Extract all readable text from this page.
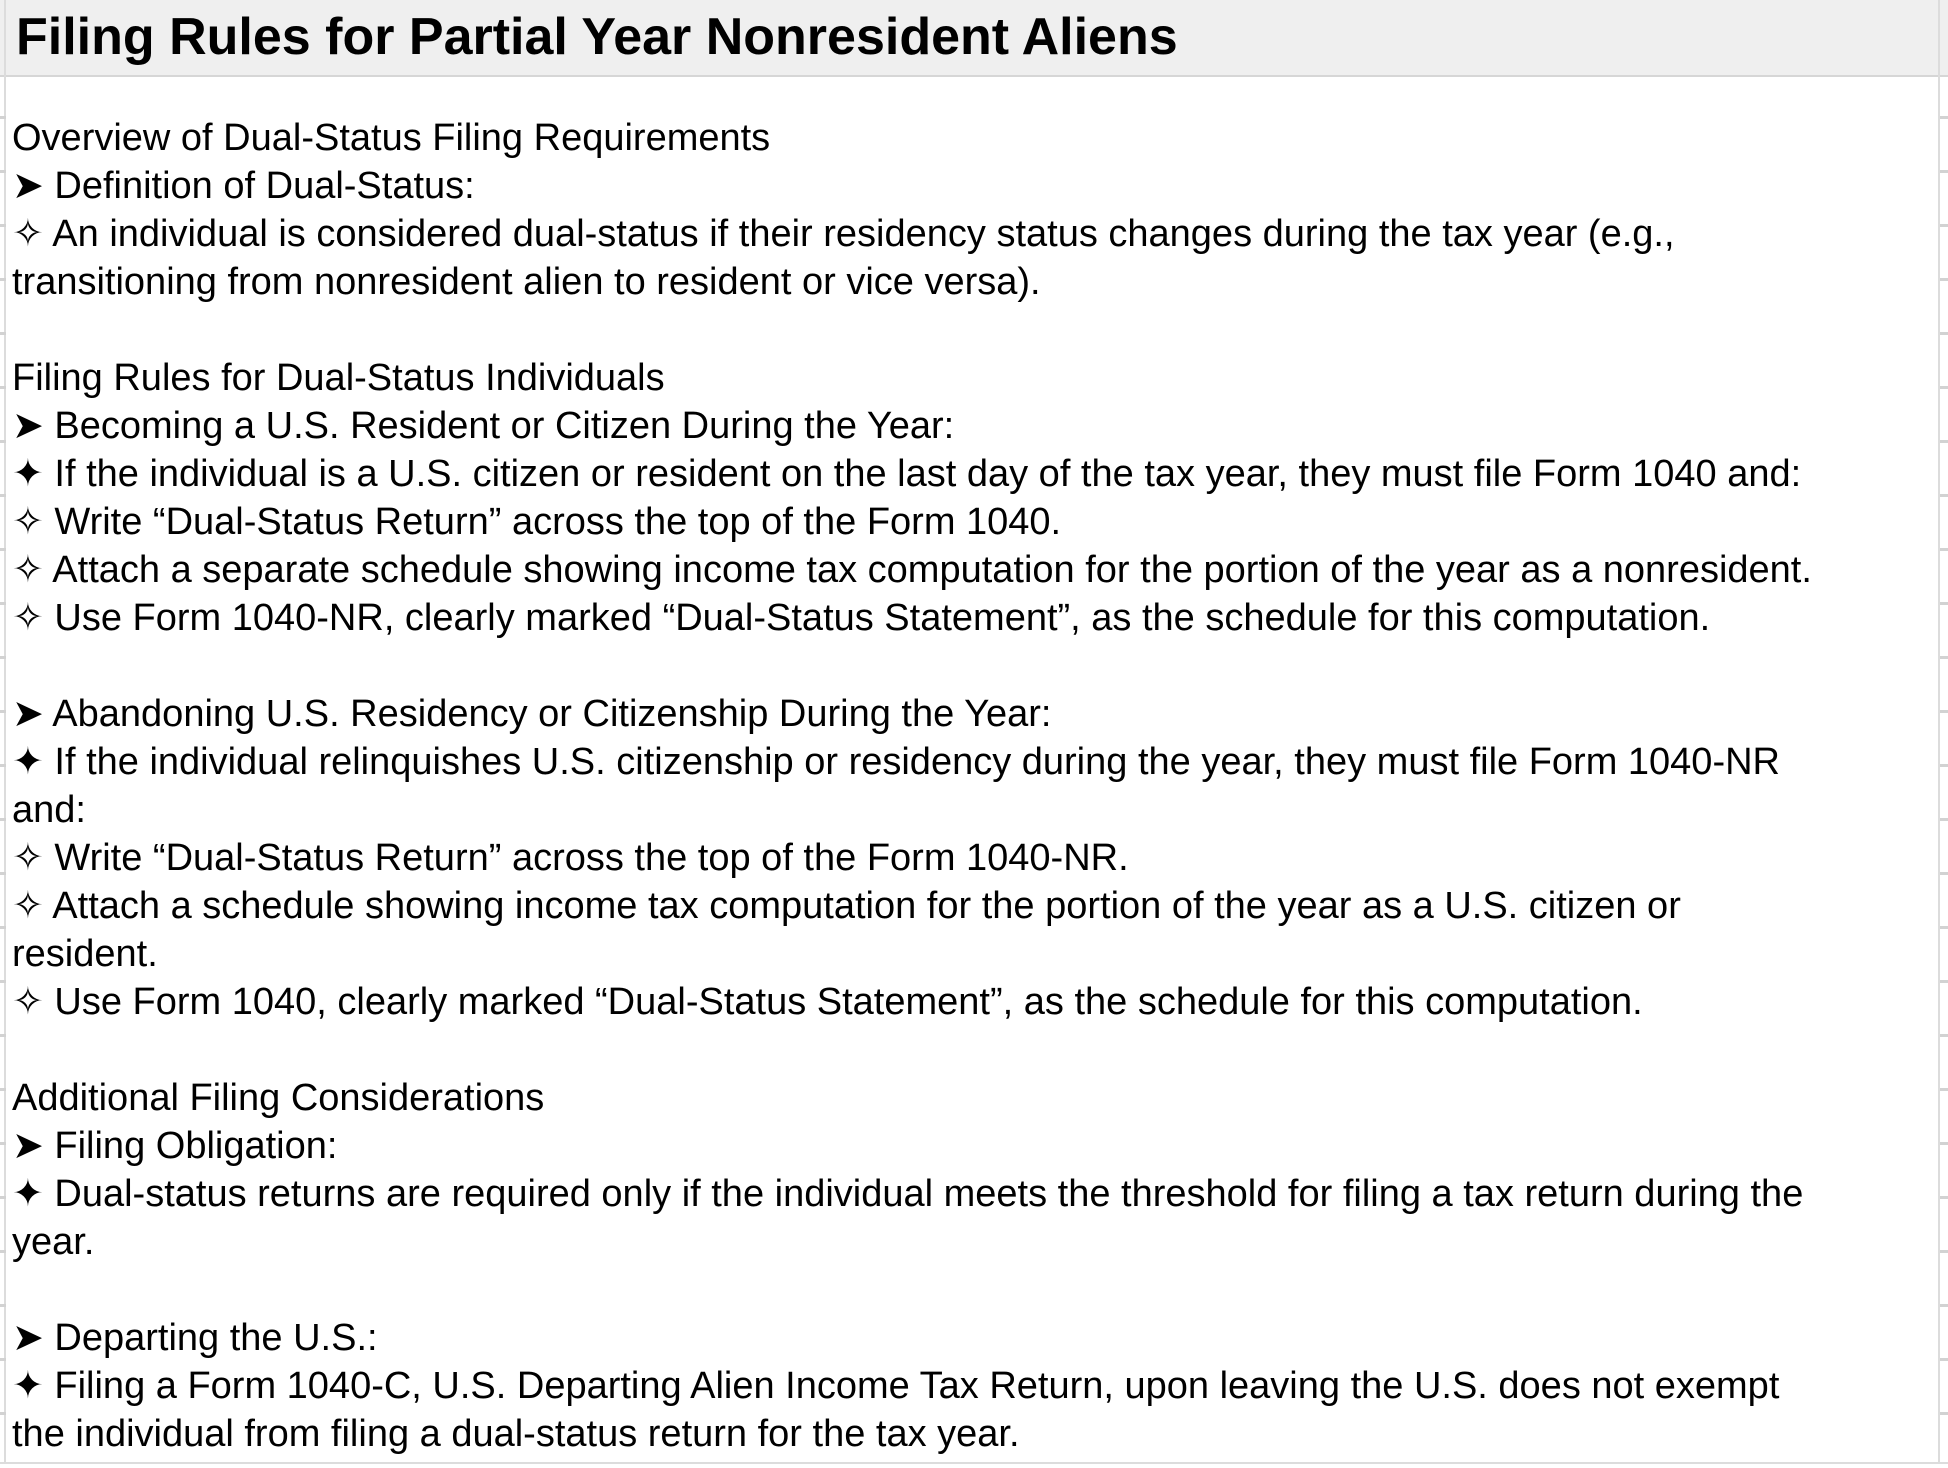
Filing Rules for Partial Year Nonresident Aliens
Overview of Dual-Status Filing Requirements
➤ Definition of Dual-Status:
✧ An individual is considered dual-status if their residency status changes during the tax year (e.g.,
transitioning from nonresident alien to resident or vice versa).
Filing Rules for Dual-Status Individuals
➤ Becoming a U.S. Resident or Citizen During the Year:
✦ If the individual is a U.S. citizen or resident on the last day of the tax year, they must file Form 1040 and:
✧ Write “Dual-Status Return” across the top of the Form 1040.
✧ Attach a separate schedule showing income tax computation for the portion of the year as a nonresident.
✧ Use Form 1040-NR, clearly marked “Dual-Status Statement”, as the schedule for this computation.
➤ Abandoning U.S. Residency or Citizenship During the Year:
✦ If the individual relinquishes U.S. citizenship or residency during the year, they must file Form 1040-NR
and:
✧ Write “Dual-Status Return” across the top of the Form 1040-NR.
✧ Attach a schedule showing income tax computation for the portion of the year as a U.S. citizen or
resident.
✧ Use Form 1040, clearly marked “Dual-Status Statement”, as the schedule for this computation.
Additional Filing Considerations
➤ Filing Obligation:
✦ Dual-status returns are required only if the individual meets the threshold for filing a tax return during the
year.
➤ Departing the U.S.:
✦ Filing a Form 1040-C, U.S. Departing Alien Income Tax Return, upon leaving the U.S. does not exempt
the individual from filing a dual-status return for the tax year.
